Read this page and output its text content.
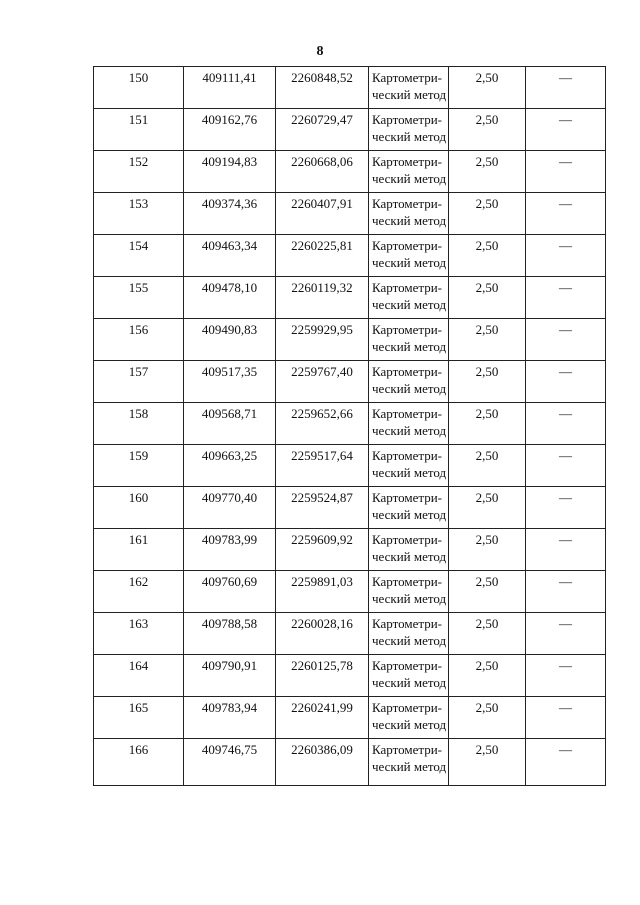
8
150	409111,41	2260848,52	Картометри-
ческий метод	2,50	—
151	409162,76	2260729,47	Картометри-
ческий метод	2,50	—
152	409194,83	2260668,06	Картометри-
ческий метод	2,50	—
153	409374,36	2260407,91	Картометри-
ческий метод	2,50	—
154	409463,34	2260225,81	Картометри-
ческий метод	2,50	—
155	409478,10	2260119,32	Картометри-
ческий метод	2,50	—
156	409490,83	2259929,95	Картометри-
ческий метод	2,50	—
157	409517,35	2259767,40	Картометри-
ческий метод	2,50	—
158	409568,71	2259652,66	Картометри-
ческий метод	2,50	—
159	409663,25	2259517,64	Картометри-
ческий метод	2,50	—
160	409770,40	2259524,87	Картометри-
ческий метод	2,50	—
161	409783,99	2259609,92	Картометри-
ческий метод	2,50	—
162	409760,69	2259891,03	Картометри-
ческий метод	2,50	—
163	409788,58	2260028,16	Картометри-
ческий метод	2,50	—
164	409790,91	2260125,78	Картометри-
ческий метод	2,50	—
165	409783,94	2260241,99	Картометри-
ческий метод	2,50	—
166	409746,75	2260386,09	Картометри-
ческий метод	2,50	—
